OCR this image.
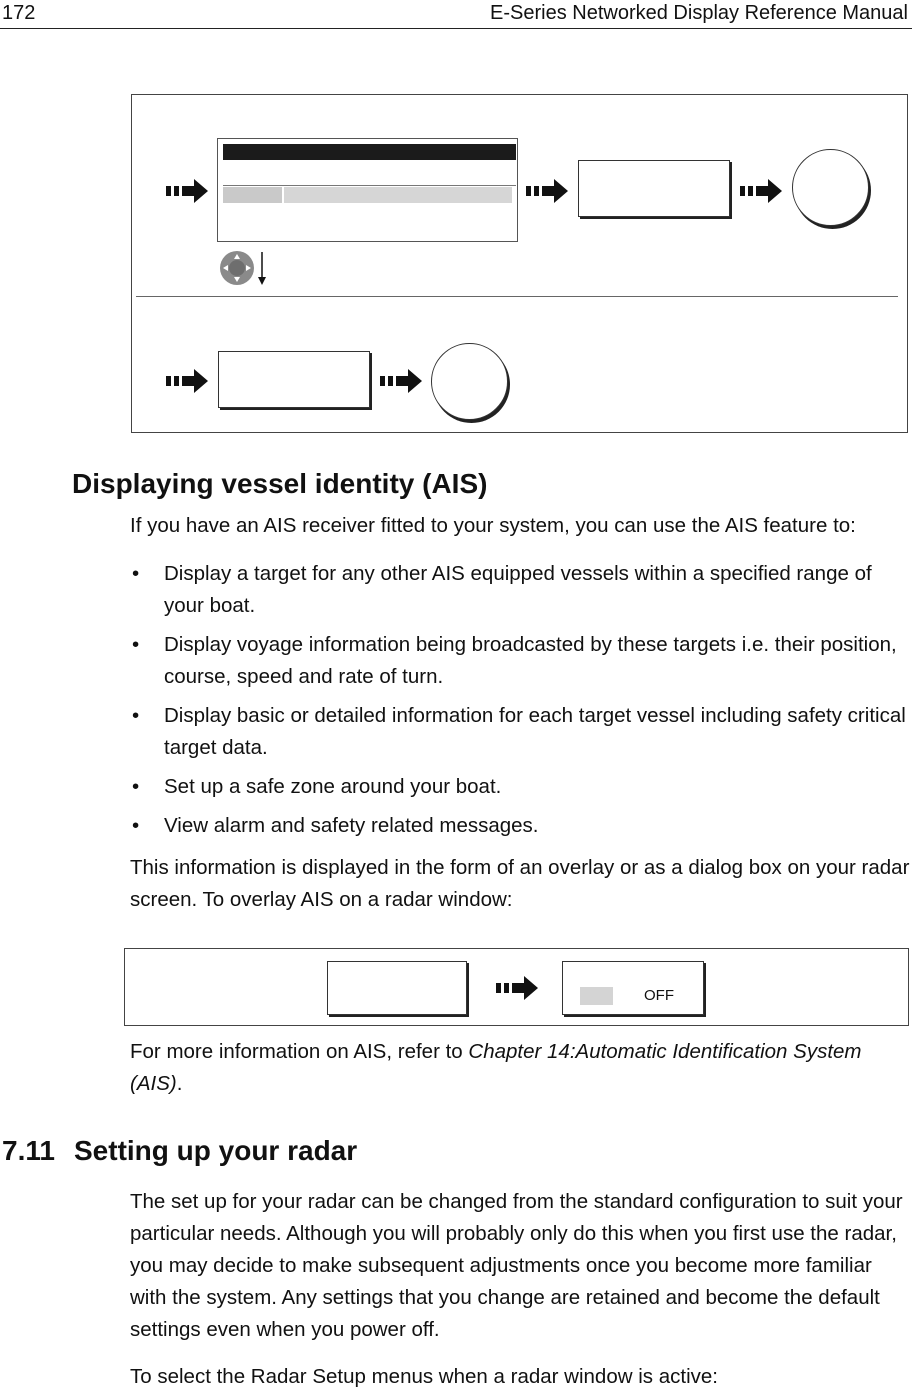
172	E-Series Networked Display Reference Manual
Displaying vessel identity (AIS)

If you have an AIS receiver fitted to your system, you can use the AIS feature to:

• Display a target for any other AIS equipped vessels within a specified range of your boat.
• Display voyage information being broadcasted by these targets i.e. their position, course, speed and rate of turn.
• Display basic or detailed information for each target vessel including safety critical target data.
• Set up a safe zone around your boat.
• View alarm and safety related messages.

This information is displayed in the form of an overlay or as a dialog box on your radar screen. To overlay AIS on a radar window:

OFF

For more information on AIS, refer to Chapter 14:Automatic Identification System (AIS).

7.11 Setting up your radar

The set up for your radar can be changed from the standard configuration to suit your particular needs. Although you will probably only do this when you first use the radar, you may decide to make subsequent adjustments once you become more familiar with the system. Any settings that you change are retained and become the default settings even when you power off.

To select the Radar Setup menus when a radar window is active:
